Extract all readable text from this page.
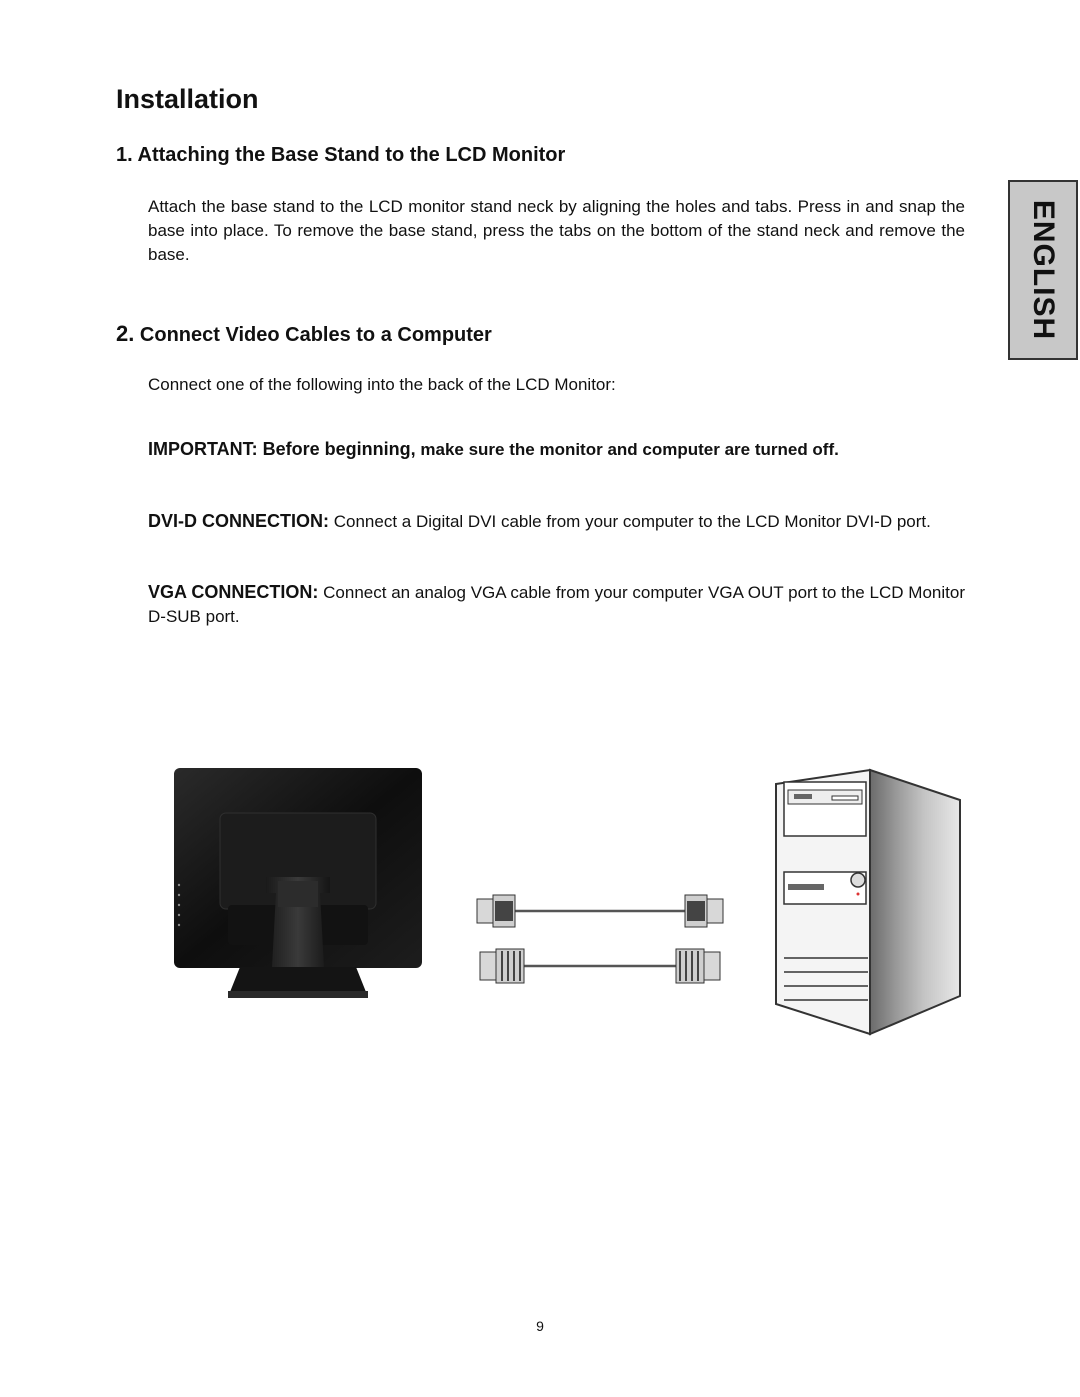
Installation
1. Attaching the Base Stand to the LCD Monitor

Attach the base stand to the LCD monitor stand neck by aligning the holes and tabs. Press in and snap the base into place. To remove the base stand, press the tabs on the bottom of the stand neck and remove the base.

2. Connect Video Cables to a Computer

Connect one of the following into the back of the LCD Monitor:

IMPORTANT: Before beginning, make sure the monitor and computer are turned off.

DVI-D CONNECTION: Connect a Digital DVI cable from your computer to the LCD Monitor DVI-D port.

VGA CONNECTION: Connect an analog VGA cable from your computer VGA OUT port to the LCD Monitor D-SUB port.

ENGLISH
9
